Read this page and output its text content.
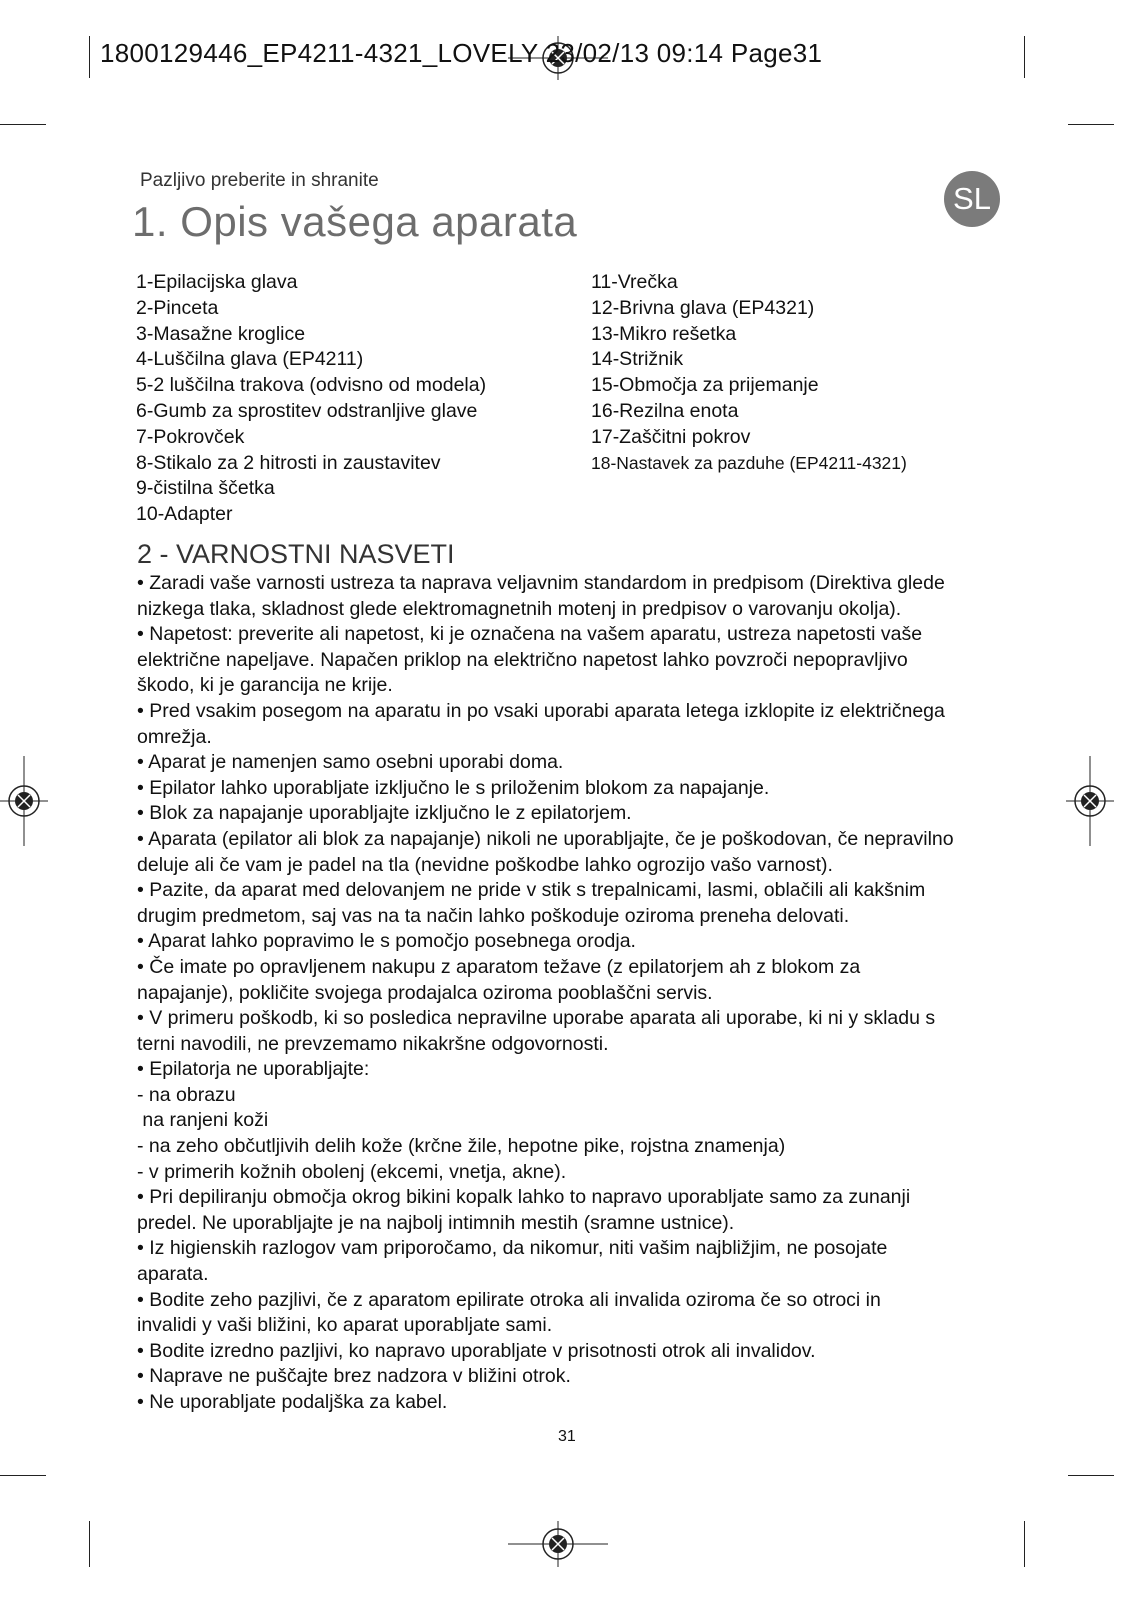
1800129446_EP4211-4321_LOVELY 23/02/13 09:14 Page31
Pazljivo preberite in shranite
1. Opis vašega aparata	SL
1-Epilacijska glava
2-Pinceta
3-Masažne kroglice
4-Luščilna glava (EP4211)
5-2 luščilna trakova (odvisno od modela)
6-Gumb za sprostitev odstranljive glave
7-Pokrovček
8-Stikalo za 2 hitrosti in zaustavitev
9-čistilna ščetka
10-Adapter
11-Vrečka
12-Brivna glava (EP4321)
13-Mikro rešetka
14-Strižnik
15-Območja za prijemanje
16-Rezilna enota
17-Zaščitni pokrov
18-Nastavek za pazduhe (EP4211-4321)
2 - VARNOSTNI NASVETI
• Zaradi vaše varnosti ustreza ta naprava veljavnim standardom in predpisom (Direktiva glede
nizkega tlaka, skladnost glede elektromagnetnih motenj in predpisov o varovanju okolja).
• Napetost: preverite ali napetost, ki je označena na vašem aparatu, ustreza napetosti vaše
električne napeljave. Napačen priklop na električno napetost lahko povzroči nepopravljivo
škodo, ki je garancija ne krije.
• Pred vsakim posegom na aparatu in po vsaki uporabi aparata letega izklopite iz električnega
omrežja.
• Aparat je namenjen samo osebni uporabi doma.
• Epilator lahko uporabljate izključno le s priloženim blokom za napajanje.
• Blok za napajanje uporabljajte izključno le z epilatorjem.
• Aparata (epilator ali blok za napajanje) nikoli ne uporabljajte, če je poškodovan, če nepravilno
deluje ali če vam je padel na tla (nevidne poškodbe lahko ogrozijo vašo varnost).
• Pazite, da aparat med delovanjem ne pride v stik s trepalnicami, lasmi, oblačili ali kakšnim
drugim predmetom, saj vas na ta način lahko poškoduje oziroma preneha delovati.
• Aparat lahko popravimo le s pomočjo posebnega orodja.
• Če imate po opravljenem nakupu z aparatom težave (z epilatorjem ah z blokom za
napajanje), pokličite svojega prodajalca oziroma pooblaščni servis.
• V primeru poškodb, ki so posledica nepravilne uporabe aparata ali uporabe, ki ni y skladu s
terni navodili, ne prevzemamo nikakršne odgovornosti.
• Epilatorja ne uporabljajte:
- na obrazu
na ranjeni koži
- na zeho občutljivih delih kože (krčne žile, hepotne pike, rojstna znamenja)
- v primerih kožnih obolenj (ekcemi, vnetja, akne).
• Pri depiliranju območja okrog bikini kopalk lahko to napravo uporabljate samo za zunanji
predel. Ne uporabljajte je na najbolj intimnih mestih (sramne ustnice).
• Iz higienskih razlogov vam priporočamo, da nikomur, niti vašim najbližjim, ne posojate
aparata.
• Bodite zeho pazjlivi, če z aparatom epilirate otroka ali invalida oziroma če so otroci in
invalidi y vaši bližini, ko aparat uporabljate sami.
• Bodite izredno pazljivi, ko napravo uporabljate v prisotnosti otrok ali invalidov.
• Naprave ne puščajte brez nadzora v bližini otrok.
• Ne uporabljate podaljška za kabel.
31
